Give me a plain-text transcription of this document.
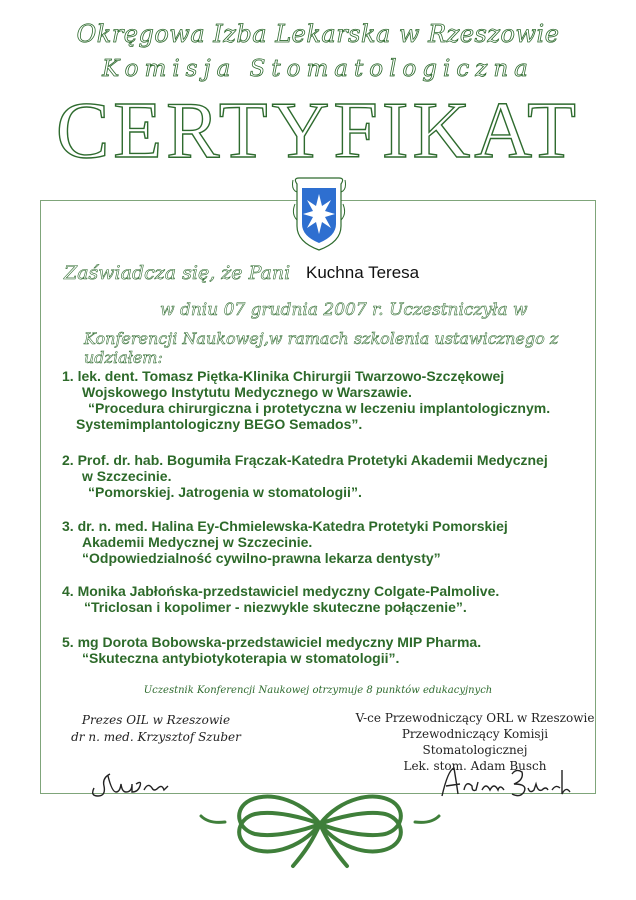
Okręgowa Izba Lekarska w Rzeszowie
Komisja Stomatologiczna
CERTYFIKAT
Zaświadcza się, że Pani Kuchna Teresa
w dniu 07 grudnia 2007 r. Uczestniczyła w
Konferencji Naukowej,w ramach szkolenia ustawicznego z udziałem:
1. lek. dent. Tomasz Piętka-Klinika Chirurgii Twarzowo-Szczękowej
Wojskowego Instytutu Medycznego w Warszawie.
“Procedura chirurgiczna i protetyczna w leczeniu implantologicznym.
Systemimplantologiczny BEGO Semados”.
2. Prof. dr. hab. Bogumiła Frączak-Katedra Protetyki Akademii Medycznej
w Szczecinie.
“Pomorskiej. Jatrogenia w stomatologii”.
3. dr. n. med. Halina Ey-Chmielewska-Katedra Protetyki Pomorskiej
Akademii Medycznej w Szczecinie.
“Odpowiedzialność cywilno-prawna lekarza dentysty”
4. Monika Jabłońska-przedstawiciel medyczny Colgate-Palmolive.
“Triclosan i kopolimer - niezwykle skuteczne połączenie”.
5. mg Dorota Bobowska-przedstawiciel medyczny MIP Pharma.
“Skuteczna antybiotykoterapia w stomatologii”.
Uczestnik Konferencji Naukowej otrzymuje 8 punktów edukacyjnych
Prezes OIL w Rzeszowie
dr n. med. Krzysztof Szuber
V-ce Przewodniczący ORL w Rzeszowie
Przewodniczący Komisji Stomatologicznej
Lek. stom. Adam Busch
